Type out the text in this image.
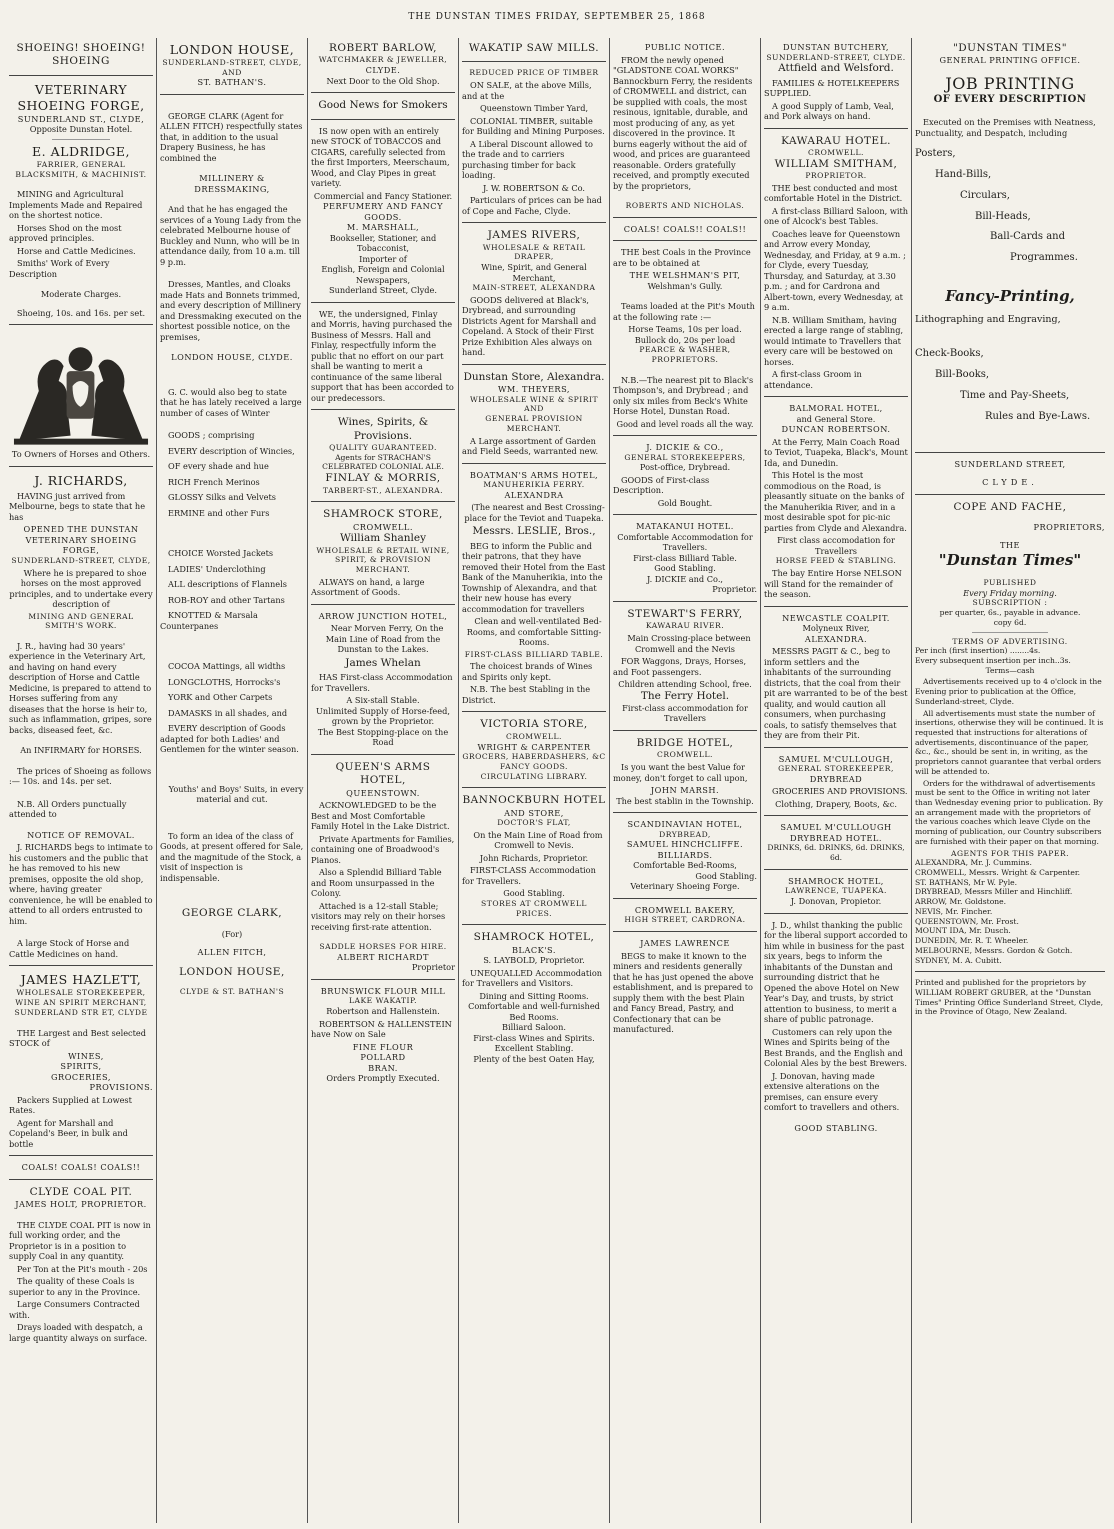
THE DUNSTAN TIMES FRIDAY, SEPTEMBER 25, 1868
SHOEING! SHOEING! SHOEING
VETERINARY SHOEING FORGE,
SUNDERLAND ST., CLYDE,
Opposite Dunstan Hotel.
E. ALDRIDGE,
FARRIER, GENERAL BLACKSMITH, & MACHINIST.
MINING and Agricultural Implements Made and Repaired on the shortest notice.
Horses Shod on the most approved principles.
Horse and Cattle Medicines.
Smiths' Work of Every Description
Moderate Charges.
Shoeing, 10s. and 16s. per set.
To Owners of Horses and Others.
J. RICHARDS,
HAVING just arrived from Melbourne, begs to state that he has
OPENED THE DUNSTAN
VETERINARY SHOEING FORGE,
SUNDERLAND-STREET, CLYDE,
Where he is prepared to shoe horses on the most approved principles, and to undertake every description of
MINING AND GENERAL SMITH'S WORK.
J. R., having had 30 years' experience in the Veterinary Art, and having on hand every description of Horse and Cattle Medicine, is prepared to attend to Horses suffering from any diseases that the horse is heir to, such as inflammation, gripes, sore backs, diseased feet, &c.
An INFIRMARY for HORSES.
The prices of Shoeing as follows :— 10s. and 14s. per set.
N.B. All Orders punctually attended to
NOTICE OF REMOVAL.
J. RICHARDS begs to intimate to his customers and the public that he has removed to his new premises, opposite the old shop, where, having greater convenience, he will be enabled to attend to all orders entrusted to him.
A large Stock of Horse and Cattle Medicines on hand.
JAMES HAZLETT,
WHOLESALE STOREKEEPER, WINE AN SPIRIT MERCHANT,
SUNDERLAND STR ET, CLYDE
THE Largest and Best selected STOCK of
WINES,
SPIRITS,
GROCERIES,
PROVISIONS.
Packers Supplied at Lowest Rates.
Agent for Marshall and Copeland's Beer, in bulk and bottle
COALS! COALS! COALS!!
CLYDE COAL PIT.
JAMES HOLT, PROPRIETOR.
THE CLYDE COAL PIT is now in full working order, and the Proprietor is in a position to supply Coal in any quantity.
Per Ton at the Pit's mouth - 20s
The quality of these Coals is superior to any in the Province.
Large Consumers Contracted with.
Drays loaded with despatch, a large quantity always on surface.
LONDON HOUSE,
SUNDERLAND-STREET, CLYDE,
AND
ST. BATHAN'S.
GEORGE CLARK (Agent for ALLEN FITCH) respectfully states that, in addition to the usual Drapery Business, he has combined the
MILLINERY & DRESSMAKING,
And that he has engaged the services of a Young Lady from the celebrated Melbourne house of Buckley and Nunn, who will be in attendance daily, from 10 a.m. till 9 p.m.
Dresses, Mantles, and Cloaks made Hats and Bonnets trimmed, and every description of Millinery and Dressmaking executed on the shortest possible notice, on the premises,
LONDON HOUSE, CLYDE.
G. C. would also beg to state that he has lately received a large number of cases of Winter
GOODS ; comprising
EVERY description of Wincies,
OF every shade and hue
RICH French Merinos
GLOSSY Silks and Velvets
ERMINE and other Furs
CHOICE Worsted Jackets
LADIES' Underclothing
ALL descriptions of Flannels
ROB-ROY and other Tartans
KNOTTED & Marsala Counterpanes
COCOA Mattings, all widths
LONGCLOTHS, Horrocks's
YORK and Other Carpets
DAMASKS in all shades, and
EVERY description of Goods adapted for both Ladies' and Gentlemen for the winter season.
Youths' and Boys' Suits, in every material and cut.
To form an idea of the class of Goods, at present offered for Sale, and the magnitude of the Stock, a visit of inspection is indispensable.
GEORGE CLARK,
(For)
ALLEN FITCH,
LONDON HOUSE,
CLYDE & ST. BATHAN'S
ROBERT BARLOW,
WATCHMAKER & JEWELLER,
CLYDE.
Next Door to the Old Shop.
Good News for Smokers
IS now open with an entirely new STOCK of TOBACCOS and CIGARS, carefully selected from the first Importers, Meerschaum, Wood, and Clay Pipes in great variety.
Commercial and Fancy Stationer.
PERFUMERY AND FANCY GOODS.
M. MARSHALL,
Bookseller, Stationer, and Tobacconist,
Importer of
English, Foreign and Colonial Newspapers,
Sunderland Street, Clyde.
WE, the undersigned, Finlay and Morris, having purchased the Business of Messrs. Hall and Finlay, respectfully inform the public that no effort on our part shall be wanting to merit a continuance of the same liberal support that has been accorded to our predecessors.
Wines, Spirits, & Provisions.
QUALITY GUARANTEED.
Agents for STRACHAN'S CELEBRATED COLONIAL ALE.
FINLAY & MORRIS,
TARBERT-ST., ALEXANDRA.
SHAMROCK STORE,
CROMWELL.
William Shanley
WHOLESALE & RETAIL WINE, SPIRIT, & PROVISION MERCHANT.
ALWAYS on hand, a large Assortment of Goods.
ARROW JUNCTION HOTEL,
Near Morven Ferry, On the Main Line of Road from the Dunstan to the Lakes.
James Whelan
HAS First-class Accommodation for Travellers.
A Six-stall Stable.
Unlimited Supply of Horse-feed, grown by the Proprietor.
The Best Stopping-place on the Road
QUEEN'S ARMS HOTEL,
QUEENSTOWN.
ACKNOWLEDGED to be the Best and Most Comfortable Family Hotel in the Lake District.
Private Apartments for Families, containing one of Broadwood's Pianos.
Also a Splendid Billiard Table and Room unsurpassed in the Colony.
Attached is a 12-stall Stable; visitors may rely on their horses receiving first-rate attention.
SADDLE HORSES FOR HIRE.
ALBERT RICHARDT
Proprietor
BRUNSWICK FLOUR MILL
LAKE WAKATIP.
Robertson and Hallenstein.
ROBERTSON & HALLENSTEIN have Now on Sale
FINE FLOUR
POLLARD
BRAN.
Orders Promptly Executed.
WAKATIP SAW MILLS.
REDUCED PRICE OF TIMBER
ON SALE, at the above Mills, and at the
Queenstown Timber Yard,
COLONIAL TIMBER, suitable for Building and Mining Purposes.
A Liberal Discount allowed to the trade and to carriers purchasing timber for back loading.
J. W. ROBERTSON & Co.
Particulars of prices can be had of Cope and Fache, Clyde.
JAMES RIVERS,
WHOLESALE & RETAIL DRAPER,
Wine, Spirit, and General Merchant,
MAIN-STREET, ALEXANDRA
GOODS delivered at Black's, Drybread, and surrounding Districts Agent for Marshall and Copeland. A Stock of their First Prize Exhibition Ales always on hand.
Dunstan Store, Alexandra.
WM. THEYERS,
WHOLESALE WINE & SPIRIT
AND
GENERAL PROVISION MERCHANT.
A Large assortment of Garden and Field Seeds, warranted new.
BOATMAN'S ARMS HOTEL,
MANUHERIKIA FERRY.
ALEXANDRA
(The nearest and Best Crossing-place for the Teviot and Tuapeka.
Messrs. LESLIE, Bros.,
BEG to inform the Public and their patrons, that they have removed their Hotel from the East Bank of the Manuherikia, into the Township of Alexandra, and that their new house has every accommodation for travellers
Clean and well-ventilated Bed-Rooms, and comfortable Sitting-Rooms.
FIRST-CLASS BILLIARD TABLE.
The choicest brands of Wines and Spirits only kept.
N.B. The best Stabling in the District.
VICTORIA STORE,
CROMWELL.
WRIGHT & CARPENTER
GROCERS, HABERDASHERS, &C
FANCY GOODS.
CIRCULATING LIBRARY.
BANNOCKBURN HOTEL
AND STORE,
DOCTOR'S FLAT,
On the Main Line of Road from Cromwell to Nevis.
John Richards, Proprietor.
FIRST-CLASS Accommodation for Travellers.
Good Stabling.
STORES AT CROMWELL PRICES.
SHAMROCK HOTEL,
BLACK'S.
S. LAYBOLD, Proprietor.
UNEQUALLED Accommodation for Travellers and Visitors.
Dining and Sitting Rooms.
Comfortable and well-furnished Bed Rooms.
Billiard Saloon.
First-class Wines and Spirits.
Excellent Stabling.
Plenty of the best Oaten Hay,
PUBLIC NOTICE.
FROM the newly opened "GLADSTONE COAL WORKS" Bannockburn Ferry, the residents of CROMWELL and district, can be supplied with coals, the most resinous, ignitable, durable, and most producing of any, as yet discovered in the province. It burns eagerly without the aid of wood, and prices are guaranteed reasonable. Orders gratefully received, and promptly executed by the proprietors,
ROBERTS AND NICHOLAS.
COALS! COALS!! COALS!!
THE best Coals in the Province are to be obtained at
THE WELSHMAN'S PIT,
Welshman's Gully.
Teams loaded at the Pit's Mouth at the following rate :—
Horse Teams, 10s per load.
Bullock do, 20s per load
PEARCE & WASHER, PROPRIETORS.
N.B.—The nearest pit to Black's Thompson's, and Drybread ; and only six miles from Beck's White Horse Hotel, Dunstan Road.
Good and level roads all the way.
J. DICKIE & CO.,
GENERAL STOREKEEPERS,
Post-office, Drybread.
GOODS of First-class Description.
Gold Bought.
MATAKANUI HOTEL.
Comfortable Accommodation for Travellers.
First-class Billiard Table.
Good Stabling.
J. DICKIE and Co.,
Proprietor.
STEWART'S FERRY,
KAWARAU RIVER.
Main Crossing-place between Cromwell and the Nevis
FOR Waggons, Drays, Horses, and Foot passengers.
Children attending School, free.
The Ferry Hotel.
First-class accommodation for Travellers
BRIDGE HOTEL,
CROMWELL.
Is you want the best Value for money, don't forget to call upon,
JOHN MARSH.
The best stablin in the Township.
SCANDINAVIAN HOTEL,
DRYBREAD,
SAMUEL HINCHCLIFFE.
BILLIARDS.
Comfortable Bed-Rooms,
Good Stabling.
Veterinary Shoeing Forge.
CROMWELL BAKERY,
HIGH STREET, CARDRONA.
JAMES LAWRENCE
BEGS to make it known to the miners and residents generally that he has just opened the above establishment, and is prepared to supply them with the best Plain and Fancy Bread, Pastry, and Confectionary that can be manufactured.
DUNSTAN BUTCHERY,
SUNDERLAND-STREET, CLYDE.
Attfield and Welsford.
FAMILIES & HOTELKEEPERS SUPPLIED.
A good Supply of Lamb, Veal, and Pork always on hand.
KAWARAU HOTEL.
CROMWELL.
WILLIAM SMITHAM,
PROPRIETOR.
THE best conducted and most comfortable Hotel in the District.
A first-class Billiard Saloon, with one of Alcock's best Tables.
Coaches leave for Queenstown and Arrow every Monday, Wednesday, and Friday, at 9 a.m. ; for Clyde, every Tuesday, Thursday, and Saturday, at 3.30 p.m. ; and for Cardrona and Albert-town, every Wednesday, at 9 a.m.
N.B. William Smitham, having erected a large range of stabling, would intimate to Travellers that every care will be bestowed on horses.
A first-class Groom in attendance.
BALMORAL HOTEL,
and General Store.
DUNCAN ROBERTSON.
At the Ferry, Main Coach Road to Teviot, Tuapeka, Black's, Mount Ida, and Dunedin.
This Hotel is the most commodious on the Road, is pleasantly situate on the banks of the Manuherikia River, and in a most desirable spot for pic-nic parties from Clyde and Alexandra.
First class accomodation for Travellers
HORSE FEED & STABLING.
The bay Entire Horse NELSON will Stand for the remainder of the season.
NEWCASTLE COALPIT.
Molyneux River,
ALEXANDRA.
MESSRS PAGIT & C., beg to inform settlers and the inhabitants of the surrounding districts, that the coal from their pit are warranted to be of the best quality, and would caution all consumers, when purchasing coals, to satisfy themselves that they are from their Pit.
SAMUEL M'CULLOUGH,
GENERAL STOREKEEPER,
DRYBREAD
GROCERIES AND PROVISIONS.
Clothing, Drapery, Boots, &c.
SAMUEL M'CULLOUGH
DRYBREAD HOTEL.
DRINKS, 6d. DRINKS, 6d. DRINKS, 6d.
SHAMROCK HOTEL,
LAWRENCE, TUAPEKA.
J. Donovan, Propietor.
J. D., whilst thanking the public for the liberal support accorded to him while in business for the past six years, begs to inform the inhabitants of the Dunstan and surrounding district that he Opened the above Hotel on New Year's Day, and trusts, by strict attention to business, to merit a share of public patronage.
Customers can rely upon the Wines and Spirits being of the Best Brands, and the English and Colonial Ales by the best Brewers.
J. Donovan, having made extensive alterations on the premises, can ensure every comfort to travellers and others.
GOOD STABLING.
"DUNSTAN TIMES"
GENERAL PRINTING OFFICE.
JOB PRINTING
OF EVERY DESCRIPTION
Executed on the Premises with Neatness, Punctuality, and Despatch, including
Posters,
Hand-Bills,
Circulars,
Bill-Heads,
Ball-Cards and
Programmes.
Fancy-Printing,
Lithographing and Engraving,
Check-Books,
Bill-Books,
Time and Pay-Sheets,
Rules and Bye-Laws.
SUNDERLAND STREET,
CLYDE.
COPE AND FACHE,
PROPRIETORS,
THE
"Dunstan Times"
PUBLISHED
Every Friday morning.
SUBSCRIPTION :
per quarter, 6s., payable in advance.
copy 6d.
TERMS OF ADVERTISING.
Per inch (first insertion) ........4s.
Every subsequent insertion per inch..3s.
Terms—cash
Advertisements received up to 4 o'clock in the Evening prior to publication at the Office, Sunderland-street, Clyde.
All advertisements must state the number of insertions, otherwise they will be continued. It is requested that instructions for alterations of advertisements, discontinuance of the paper, &c., &c., should be sent in, in writing, as the proprietors cannot guarantee that verbal orders will be attended to.
Orders for the withdrawal of advertisements must be sent to the Office in writing not later than Wednesday evening prior to publication. By an arrangement made with the proprietors of the various coaches which leave Clyde on the morning of publication, our Country subscribers are furnished with their paper on that morning.
AGENTS FOR THIS PAPER.
ALEXANDRA, Mr. J. Cummins.
CROMWELL, Messrs. Wright & Carpenter.
ST. BATHANS, Mr W. Pyle.
DRYBREAD, Messrs Miller and Hinchliff.
ARROW, Mr. Goldstone.
NEVIS, Mr. Fincher.
QUEENSTOWN, Mr. Frost.
MOUNT IDA, Mr. Dusch.
DUNEDIN, Mr. R. T. Wheeler.
MELBOURNE, Messrs. Gordon & Gotch.
SYDNEY, M. A. Cubitt.
Printed and published for the proprietors by WILLIAM ROBERT GRUBER, at the "Dunstan Times" Printing Office Sunderland Street, Clyde, in the Province of Otago, New Zealand.
